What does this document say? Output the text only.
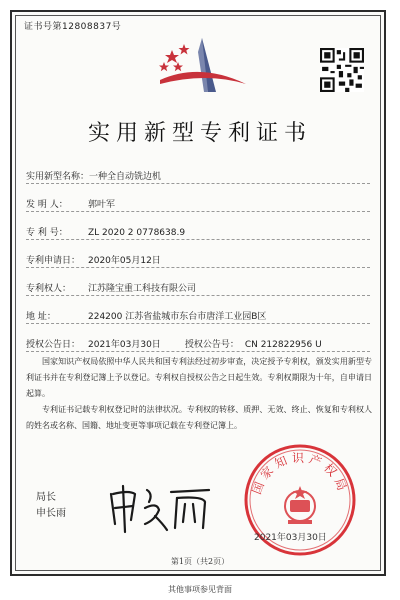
证书号第12808837号
实用新型专利证书
实用新型名称：一种全自动铣边机
发 明 人： 郭叶军
专 利 号： ZL 2020 2 0778638.9
专利申请日： 2020年05月12日
专利权人： 江苏隆宝重工科技有限公司
地 址：	224200 江苏省盐城市东台市唐洋工业园B区
授权公告日： 2021年03月30日	授权公告号： CN 212822956 U

国家知识产权局依照中华人民共和国专利法经过初步审查，决定授予专利权，颁发实用新型专利证书并在专利登记簿上予以登记。专利权自授权公告之日起生效。专利权期限为十年，自申请日起算。

专利证书记载专利权登记时的法律状况。专利权的转移、质押、无效、终止、恢复和专利权人的姓名或名称、国籍、地址变更等事项记载在专利登记簿上。

局长
申长雨
国家知识产权局
2021年03月30日
第1页（共2页）
其他事项参见背面
